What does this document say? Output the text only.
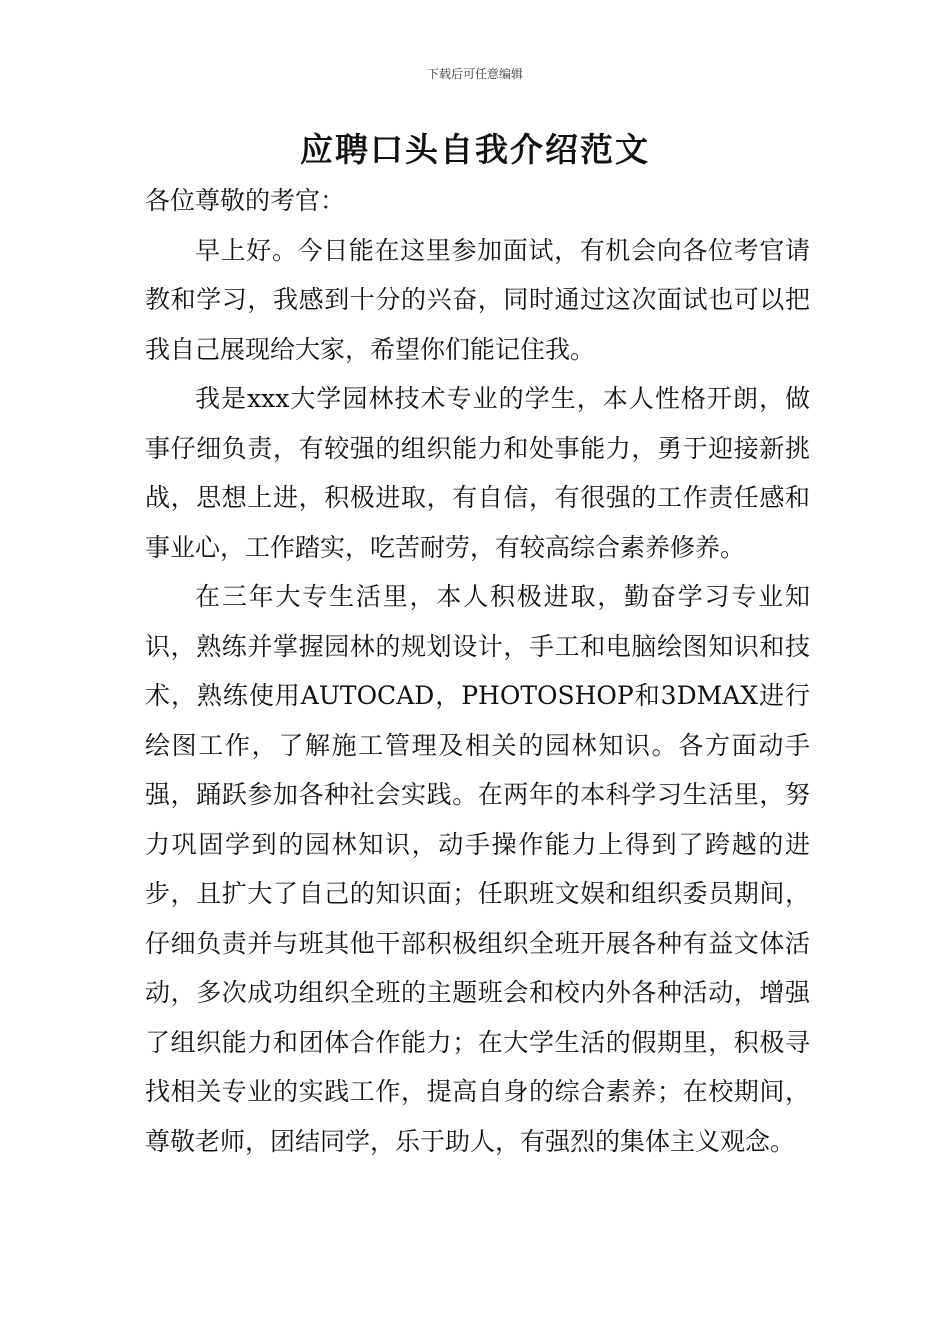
下载后可任意编辑
应聘口头自我介绍范文

各位尊敬的考官：

早上好。今日能在这里参加面试，有机会向各位考官请教和学习，我感到十分的兴奋，同时通过这次面试也可以把我自己展现给大家，希望你们能记住我。

我是xxx大学园林技术专业的学生，本人性格开朗，做事仔细负责，有较强的组织能力和处事能力，勇于迎接新挑战，思想上进，积极进取，有自信，有很强的工作责任感和事业心，工作踏实，吃苦耐劳，有较高综合素养修养。

在三年大专生活里，本人积极进取，勤奋学习专业知识，熟练并掌握园林的规划设计，手工和电脑绘图知识和技术，熟练使用AUTOCAD，PHOTOSHOP和3DMAX进行绘图工作，了解施工管理及相关的园林知识。各方面动手强，踊跃参加各种社会实践。在两年的本科学习生活里，努力巩固学到的园林知识，动手操作能力上得到了跨越的进步，且扩大了自己的知识面；任职班文娱和组织委员期间，仔细负责并与班其他干部积极组织全班开展各种有益文体活动，多次成功组织全班的主题班会和校内外各种活动，增强了组织能力和团体合作能力；在大学生活的假期里，积极寻找相关专业的实践工作，提高自身的综合素养；在校期间，尊敬老师，团结同学，乐于助人，有强烈的集体主义观念。
